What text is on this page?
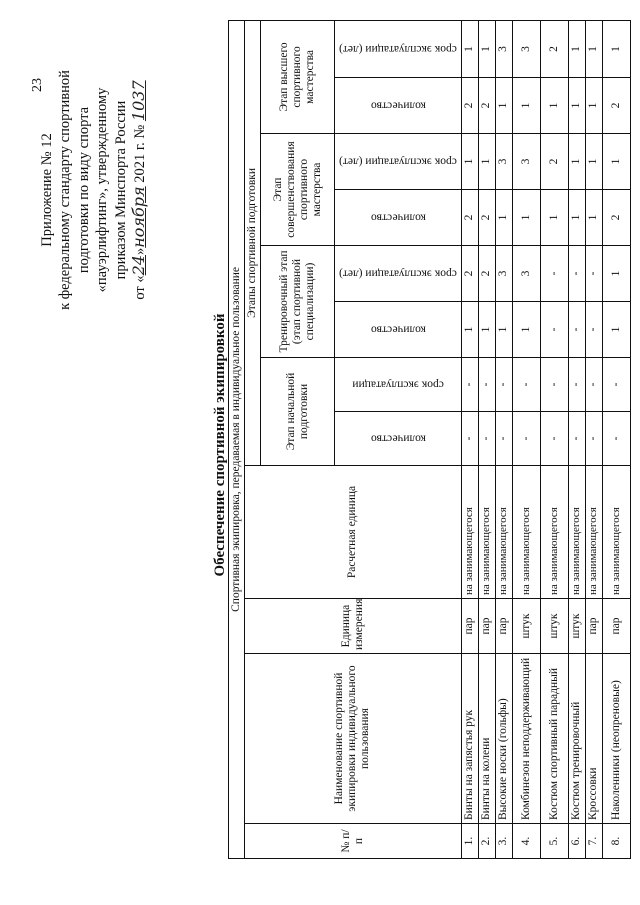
23
Приложение № 12 к федеральному стандарту спортивной подготовки по виду спорта «пауэрлифтинг», утвержденному приказом Минспорта России
от «24»ноября 2021 г. № 1037
Обеспечение спортивной экипировкой Спортивная экипировка, передаваемая в индивидуальное пользование											
№ п/п	Наименование спортивной экипировки индивидуального пользования	Единица измерения	Расчетная единица	Этапы спортивной подготовки							
				Этап начальной подготовки		Тренировочный этап (этап спортивной специализации)		Этап совершенствования спортивного мастерства		Этап высшего спортивного мастерства	
				количество	срок эксплуатации	количество	срок эксплуатации (лет)	количество	срок эксплуатации (лет)	количество	срок эксплуатации (лет)
1.	Бинты на запястья рук	пар	на занимающегося	-	-	1	2	2	1	2	1
2.	Бинты на колени	пар	на занимающегося	-	-	1	2	2	1	2	1
3.	Высокие носки (гольфы)	пар	на занимающегося	-	-	1	3	1	3	1	3
4.	Комбинезон неподдерживающий	штук	на занимающегося	-	-	1	3	1	3	1	3
5.	Костюм спортивный парадный	штук	на занимающегося	-	-	-	-	1	2	1	2
6.	Костюм тренировочный	штук	на занимающегося	-	-	-	-	1	1	1	1
7.	Кроссовки	пар	на занимающегося	-	-	-	-	1	1	1	1
8.	Наколенники (неопреновые)	пар	на занимающегося	-	-	1	1	2	1	2	1
